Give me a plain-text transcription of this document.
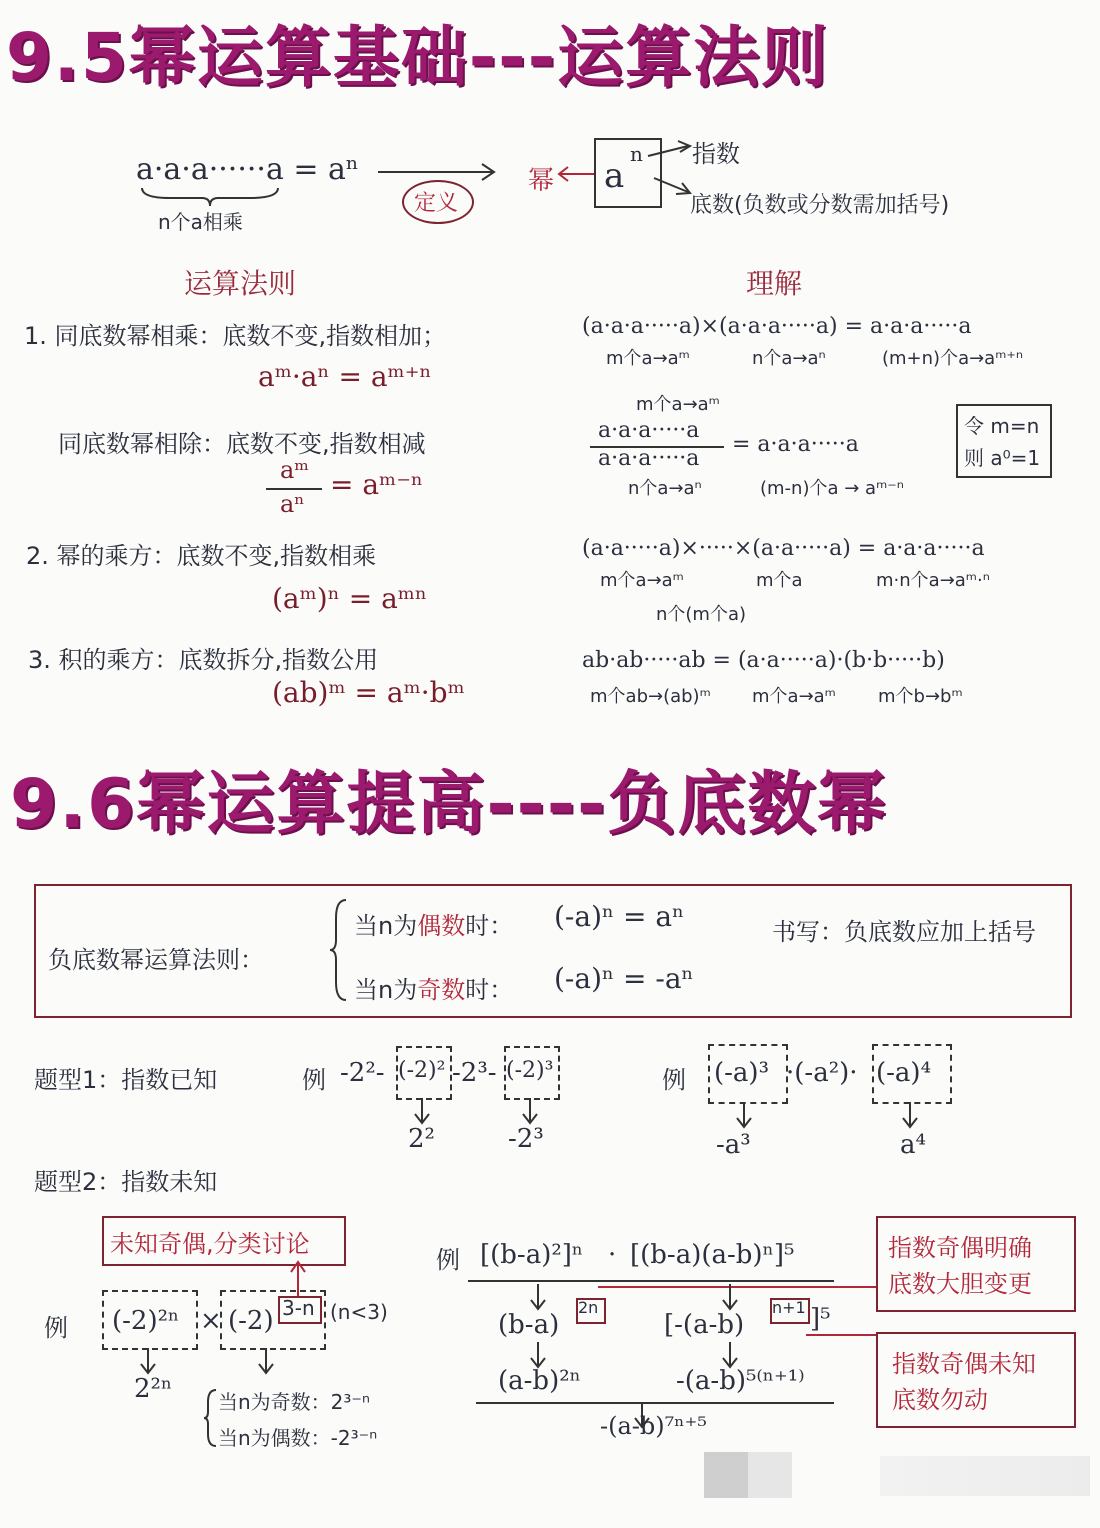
9.5幂运算基础---运算法则
a·a·a······a = aⁿ
n个a相乘
定义
幂 a
n 指数
底数(负数或分数需加括号)
运算法则	理解
1. 同底数幂相乘：底数不变,指数相加；
aᵐ·aⁿ = aᵐ⁺ⁿ
同底数幂相除：底数不变,指数相减
aᵐ
aⁿ
= aᵐ⁻ⁿ
2. 幂的乘方：底数不变,指数相乘
(aᵐ)ⁿ = aᵐⁿ
3. 积的乘方：底数拆分,指数公用
(ab)ᵐ = aᵐ·bᵐ
(a·a·a·····a)×(a·a·a·····a) = a·a·a·····a
m个a→aᵐ	n个a→aⁿ	(m+n)个a→aᵐ⁺ⁿ
m个a→aᵐ
a·a·a·····a
a·a·a·····a
= a·a·a·····a
n个a→aⁿ	(m-n)个a → aᵐ⁻ⁿ
令 m=n
则 a⁰=1
(a·a·····a)×·····×(a·a·····a) = a·a·a·····a
m个a→aᵐ	m个a	m·n个a→aᵐ·ⁿ
n个(m个a)
ab·ab·····ab = (a·a·····a)·(b·b·····b)
m个ab→(ab)ᵐ m个a→aᵐ m个b→bᵐ
9.6幂运算提高----负底数幂
负底数幂运算法则：
当n为偶数时： (-a)ⁿ = aⁿ
当n为奇数时： (-a)ⁿ = -aⁿ
书写：负底数应加上括号
题型1：指数已知	例 -2²- (-2)² -2³- (-2)³
2²	-2³
例 (-a)³ ·(-a²)· (-a)⁴
-a³	a⁴
题型2：指数未知
未知奇偶,分类讨论
例 (-2)²ⁿ × (-2) 3-n (n<3)
2²ⁿ 当n为奇数：2³⁻ⁿ
当n为偶数：-2³⁻ⁿ
例 [(b-a)²]ⁿ · [(b-a)(a-b)ⁿ]⁵
(b-a)
2n
[-(a-b)
n+1 ]⁵
(a-b)²ⁿ	-(a-b)⁵⁽ⁿ⁺¹⁾
-(a-b)⁷ⁿ⁺⁵
指数奇偶明确
底数大胆变更
指数奇偶未知
底数勿动
